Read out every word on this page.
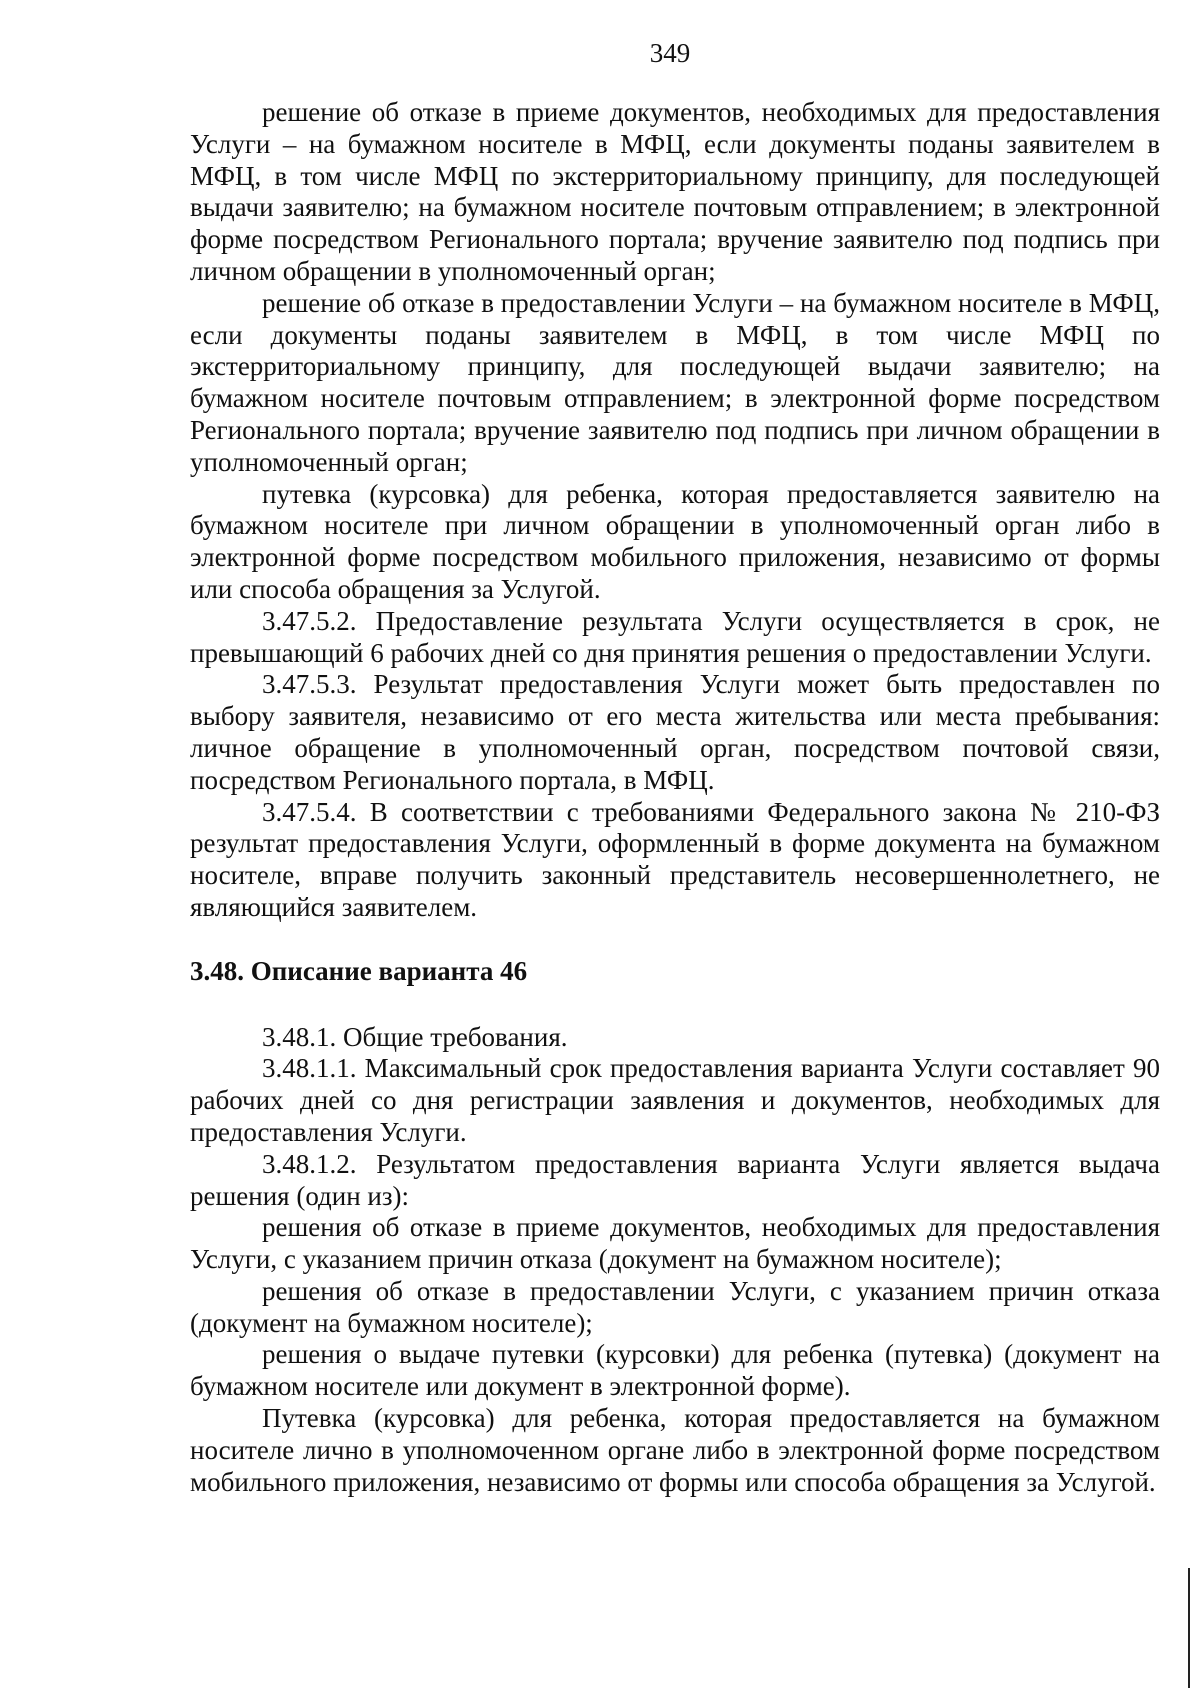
349

решение об отказе в приеме документов, необходимых для предоставления Услуги – на бумажном носителе в МФЦ, если документы поданы заявителем в МФЦ, в том числе МФЦ по экстерриториальному принципу, для последующей выдачи заявителю; на бумажном носителе почтовым отправлением; в электронной форме посредством Регионального портала; вручение заявителю под подпись при личном обращении в уполномоченный орган;

решение об отказе в предоставлении Услуги – на бумажном носителе в МФЦ, если документы поданы заявителем в МФЦ, в том числе МФЦ по экстерриториальному принципу, для последующей выдачи заявителю; на бумажном носителе почтовым отправлением; в электронной форме посредством Регионального портала; вручение заявителю под подпись при личном обращении в уполномоченный орган;

путевка (курсовка) для ребенка, которая предоставляется заявителю на бумажном носителе при личном обращении в уполномоченный орган либо в электронной форме посредством мобильного приложения, независимо от формы или способа обращения за Услугой.

3.47.5.2. Предоставление результата Услуги осуществляется в срок, не превышающий 6 рабочих дней со дня принятия решения о предоставлении Услуги.

3.47.5.3. Результат предоставления Услуги может быть предоставлен по выбору заявителя, независимо от его места жительства или места пребывания: личное обращение в уполномоченный орган, посредством почтовой связи, посредством Регионального портала, в МФЦ.

3.47.5.4. В соответствии с требованиями Федерального закона № 210-ФЗ результат предоставления Услуги, оформленный в форме документа на бумажном носителе, вправе получить законный представитель несовершеннолетнего, не являющийся заявителем.

3.48. Описание варианта 46

3.48.1. Общие требования.

3.48.1.1. Максимальный срок предоставления варианта Услуги составляет 90 рабочих дней со дня регистрации заявления и документов, необходимых для предоставления Услуги.

3.48.1.2. Результатом предоставления варианта Услуги является выдача решения (один из):

решения об отказе в приеме документов, необходимых для предоставления Услуги, с указанием причин отказа (документ на бумажном носителе);

решения об отказе в предоставлении Услуги, с указанием причин отказа (документ на бумажном носителе);

решения о выдаче путевки (курсовки) для ребенка (путевка) (документ на бумажном носителе или документ в электронной форме).

Путевка (курсовка) для ребенка, которая предоставляется на бумажном носителе лично в уполномоченном органе либо в электронной форме посредством мобильного приложения, независимо от формы или способа обращения за Услугой.
